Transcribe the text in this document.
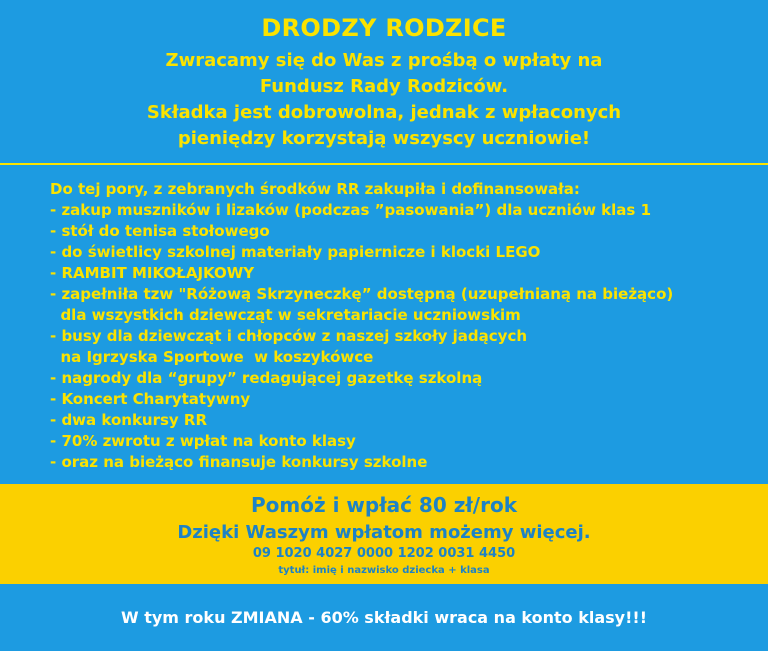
DRODZY RODZICE
Zwracamy się do Was z prośbą o wpłaty na
Fundusz Rady Rodziców.
Składka jest dobrowolna, jednak z wpłaconych
pieniędzy korzystają wszyscy uczniowie!
Do tej pory, z zebranych środków RR zakupiła i dofinansowała:
- zakup muszników i lizaków (podczas ”pasowania”) dla uczniów klas 1
- stół do tenisa stołowego
- do świetlicy szkolnej materiały papiernicze i klocki LEGO
- RAMBIT MIKOŁAJKOWY
- zapełniła tzw "Różową Skrzyneczkę” dostępną (uzupełnianą na bieżąco)
dla wszystkich dziewcząt w sekretariacie uczniowskim
- busy dla dziewcząt i chłopców z naszej szkoły jadących
na Igrzyska Sportowe  w koszykówce
- nagrody dla “grupy” redagującej gazetkę szkolną
- Koncert Charytatywny
- dwa konkursy RR
- 70% zwrotu z wpłat na konto klasy
- oraz na bieżąco finansuje konkursy szkolne
Pomóż i wpłać 80 zł/rok
Dzięki Waszym wpłatom możemy więcej.
09 1020 4027 0000 1202 0031 4450
tytuł: imię i nazwisko dziecka + klasa
W tym roku ZMIANA - 60% składki wraca na konto klasy!!!
